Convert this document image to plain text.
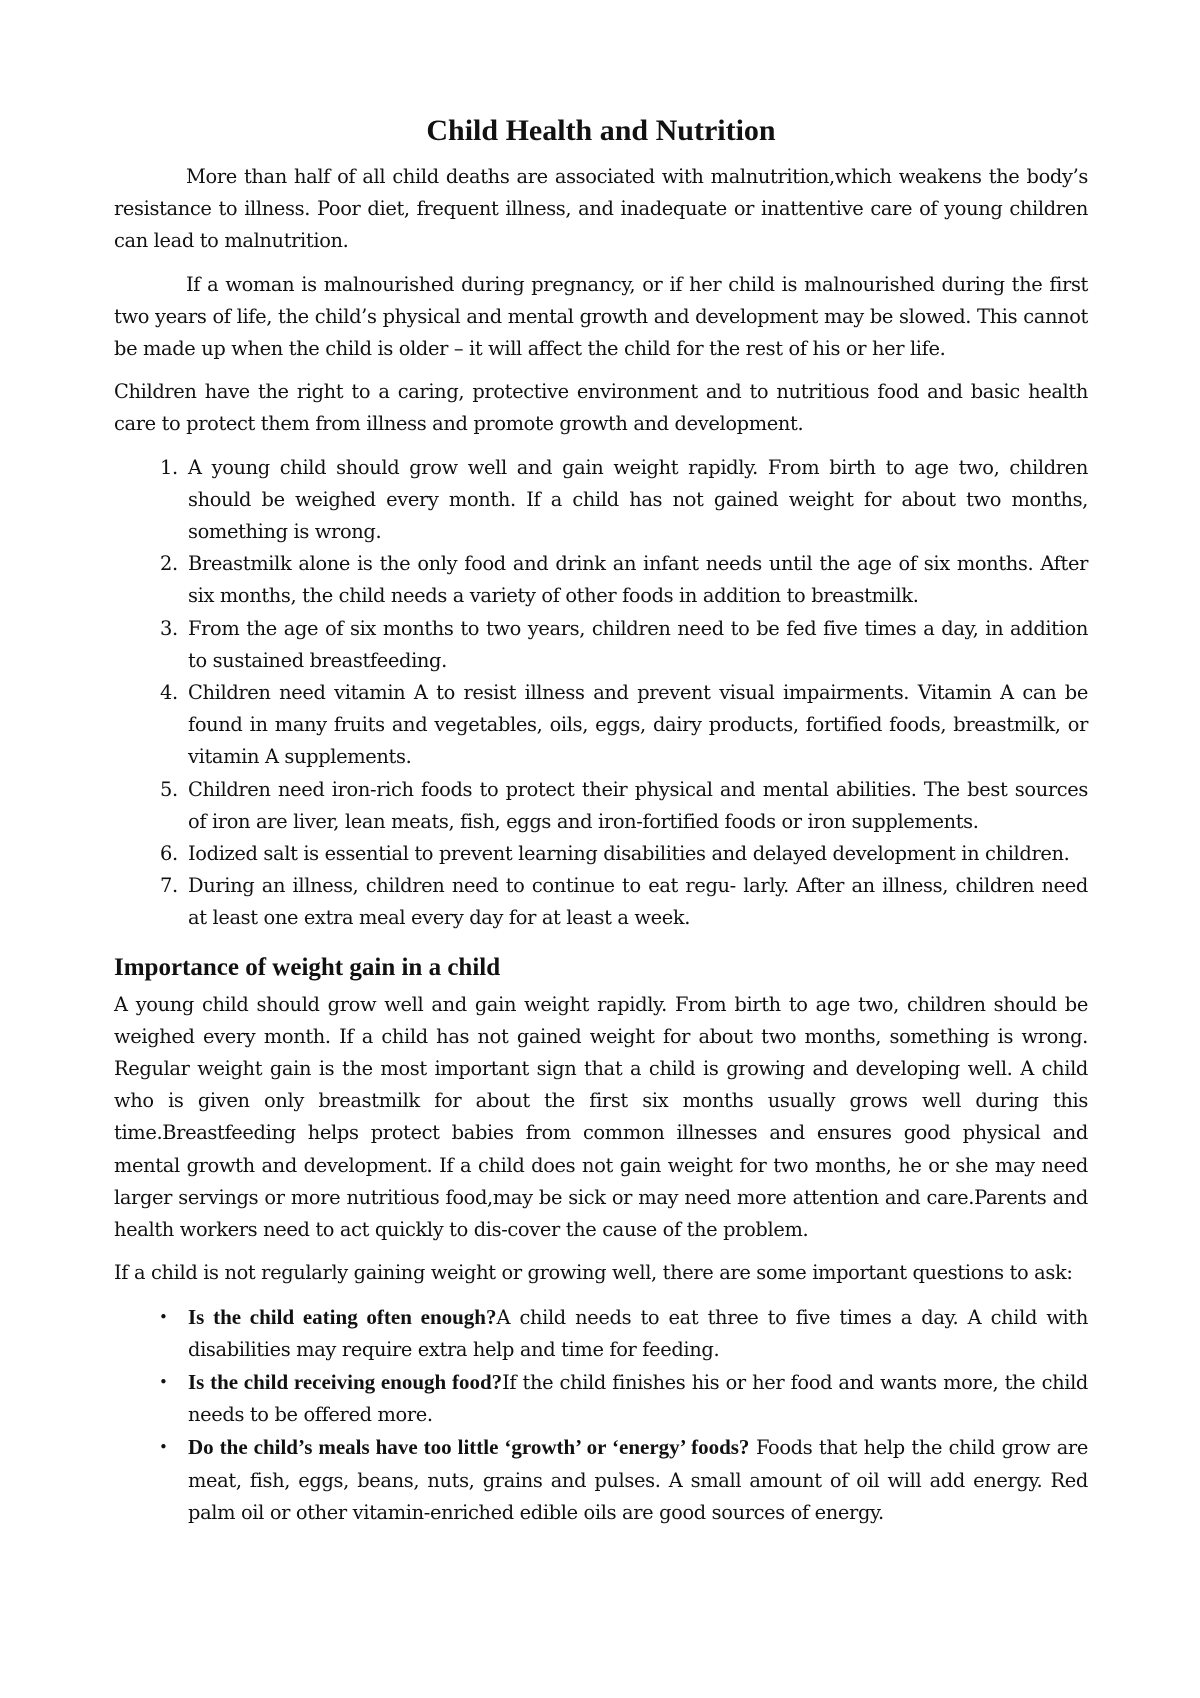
Child Health and Nutrition

More than half of all child deaths are associated with malnutrition,which weakens the body’s resistance to illness. Poor diet, frequent illness, and inadequate or inattentive care of young children can lead to malnutrition.

If a woman is malnourished during pregnancy, or if her child is malnourished during the first two years of life, the child’s physical and mental growth and development may be slowed. This cannot be made up when the child is older – it will affect the child for the rest of his or her life.

Children have the right to a caring, protective environment and to nutritious food and basic health care to protect them from illness and promote growth and development.

1. A young child should grow well and gain weight rapidly. From birth to age two, children should be weighed every month. If a child has not gained weight for about two months, something is wrong.
2. Breastmilk alone is the only food and drink an infant needs until the age of six months. After six months, the child needs a variety of other foods in addition to breastmilk.
3. From the age of six months to two years, children need to be fed five times a day, in addition to sustained breastfeeding.
4. Children need vitamin A to resist illness and prevent visual impairments. Vitamin A can be found in many fruits and vegetables, oils, eggs, dairy products, fortified foods, breastmilk, or vitamin A supplements.
5. Children need iron-rich foods to protect their physical and mental abilities. The best sources of iron are liver, lean meats, fish, eggs and iron-fortified foods or iron supplements.
6. Iodized salt is essential to prevent learning disabilities and delayed development in children.
7. During an illness, children need to continue to eat regu- larly. After an illness, children need at least one extra meal every day for at least a week.
Importance of weight gain in a child

A young child should grow well and gain weight rapidly. From birth to age two, children should be weighed every month. If a child has not gained weight for about two months, something is wrong. Regular weight gain is the most important sign that a child is growing and developing well. A child who is given only breastmilk for about the first six months usually grows well during this time.Breastfeeding helps protect babies from common illnesses and ensures good physical and mental growth and development. If a child does not gain weight for two months, he or she may need larger servings or more nutritious food,may be sick or may need more attention and care.Parents and health workers need to act quickly to dis-cover the cause of the problem.

If a child is not regularly gaining weight or growing well, there are some important questions to ask:

• Is the child eating often enough?A child needs to eat three to five times a day. A child with disabilities may require extra help and time for feeding.
• Is the child receiving enough food?If the child finishes his or her food and wants more, the child needs to be offered more.
• Do the child’s meals have too little ‘growth’ or ‘energy’ foods? Foods that help the child grow are meat, fish, eggs, beans, nuts, grains and pulses. A small amount of oil will add energy. Red palm oil or other vitamin-enriched edible oils are good sources of energy.
